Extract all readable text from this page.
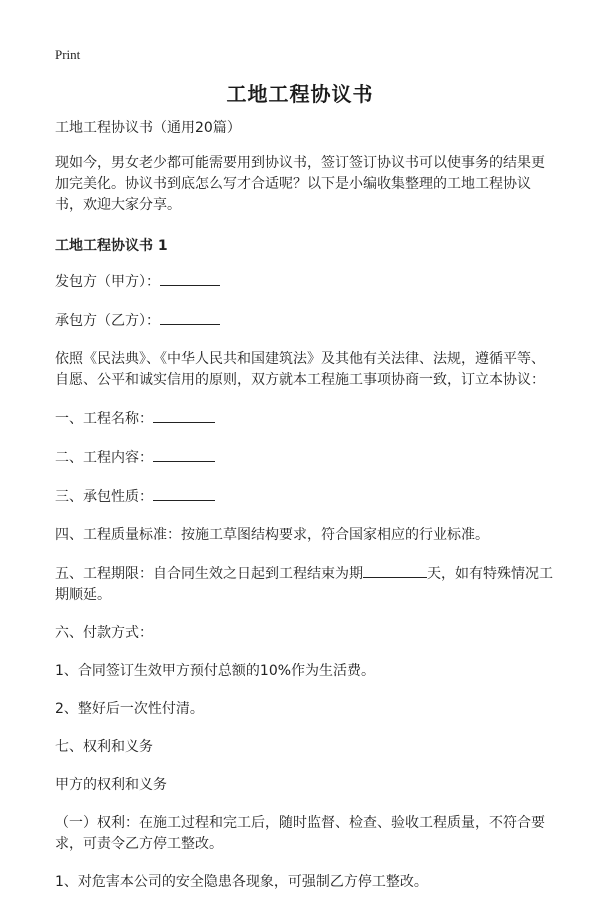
Print
工地工程协议书

工地工程协议书（通用20篇）

现如今，男女老少都可能需要用到协议书，签订签订协议书可以使事务的结果更加完美化。协议书到底怎么写才合适呢？以下是小编收集整理的工地工程协议书，欢迎大家分享。

工地工程协议书 1

发包方（甲方）：

承包方（乙方）：

依照《民法典》、《中华人民共和国建筑法》及其他有关法律、法规，遵循平等、自愿、公平和诚实信用的原则，双方就本工程施工事项协商一致，订立本协议：

一、工程名称：

二、工程内容：

三、承包性质：

四、工程质量标准：按施工草图结构要求，符合国家相应的行业标准。

五、工程期限：自合同生效之日起到工程结束为期	天，如有特殊情况工期顺延。

六、付款方式：

1、合同签订生效甲方预付总额的10%作为生活费。

2、整好后一次性付清。

七、权利和义务

甲方的权利和义务

（一）权利：在施工过程和完工后，随时监督、检查、验收工程质量，不符合要求，可责令乙方停工整改。

1、对危害本公司的安全隐患各现象，可强制乙方停工整改。
